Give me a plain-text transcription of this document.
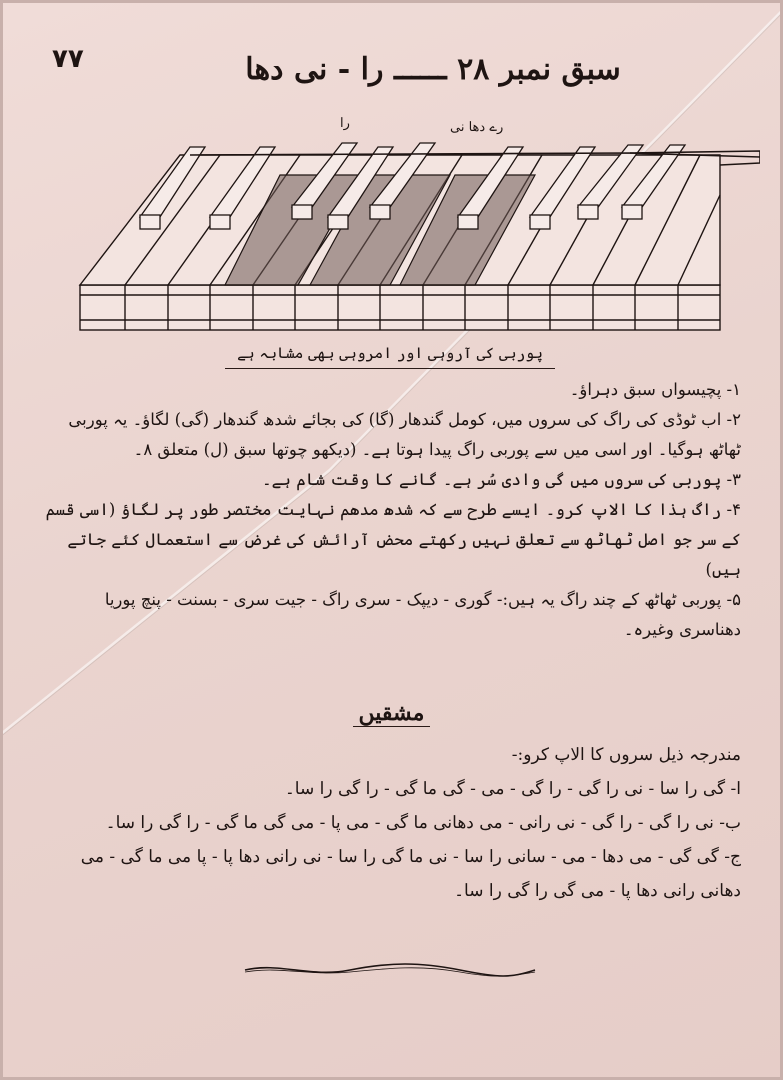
۷۷	سبق نمبر ۲۸ ــــــ را - نی دھا
رے دھا نی
را
پوربی کی آروہی اور امروہی بھی مشابہ ہے

۱- پچیسواں سبق دہراؤ۔

۲- اب ٹوڈی کی راگ کی سروں میں، کومل گندھار (گا) کی بجائے شدھ گندھار (گی) لگاؤ۔ یہ پوربی ٹھاٹھ ہوگیا۔ اور اسی میں سے پوربی راگ پیدا ہوتا ہے۔ (دیکھو چوتھا سبق (ل) متعلق ۸۔

۳- پوربی کی سروں میں گی وادی سُر ہے۔ گانے کا وقت شام ہے۔

۴- راگ ہذا کا الاپ کرو۔ ایسے طرح سے کہ شدھ مدھم نہایت مختصر طور پر لگاؤ (اسی قسم کے سر جو اصل ٹھاٹھ سے تعلق نہیں رکھتے محض آرائش کی غرض سے استعمال کئے جاتے ہیں)

۵- پوربی ٹھاٹھ کے چند راگ یہ ہیں:- گوری - دیپک - سری راگ - جیت سری - بسنت - پنچ پوریا دھناسری وغیرہ۔

مشقیں

مندرجہ ذیل سروں کا الاپ کرو:-

ا- گی را سا - نی را گی - را گی - می - گی ما گی - را گی را سا۔

ب- نی را گی - را گی - نی رانی - می دھانی ما گی - می پا - می گی ما گی - را گی را سا۔

ج- گی گی - می دھا - می - سانی را سا - نی ما گی را سا - نی رانی دھا پا - پا می ما گی - می دھانی رانی دھا پا - می گی را گی را سا۔
